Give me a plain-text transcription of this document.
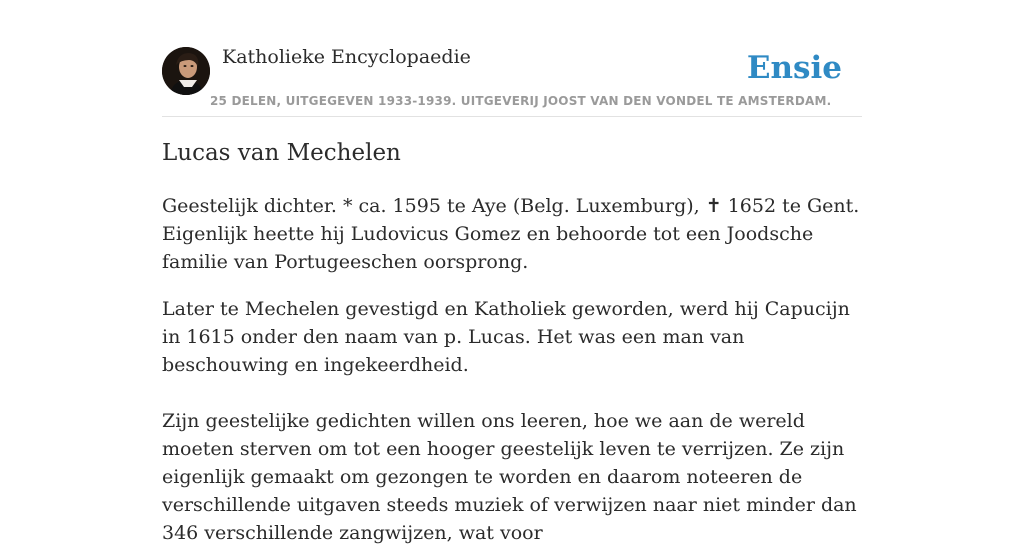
Katholieke Encyclopaedie
25 DELEN, UITGEGEVEN 1933-1939. UITGEVERIJ JOOST VAN DEN VONDEL TE AMSTERDAM.
Ensie
Lucas van Mechelen

Geestelijk dichter. * ca. 1595 te Aye (Belg. Luxemburg), ✝ 1652 te Gent. Eigenlijk heette hij Ludovicus Gomez en behoorde tot een Joodsche familie van Portugeeschen oorsprong.

Later te Mechelen gevestigd en Katholiek geworden, werd hij Capucijn in 1615 onder den naam van p. Lucas. Het was een man van beschouwing en ingekeerdheid.

Zijn geestelijke gedichten willen ons leeren, hoe we aan de wereld moeten sterven om tot een hooger geestelijk leven te verrijzen. Ze zijn eigenlijk gemaakt om gezongen te worden en daarom noteeren de verschillende uitgaven steeds muziek of verwijzen naar niet minder dan 346 verschillende zangwijzen, wat voor
